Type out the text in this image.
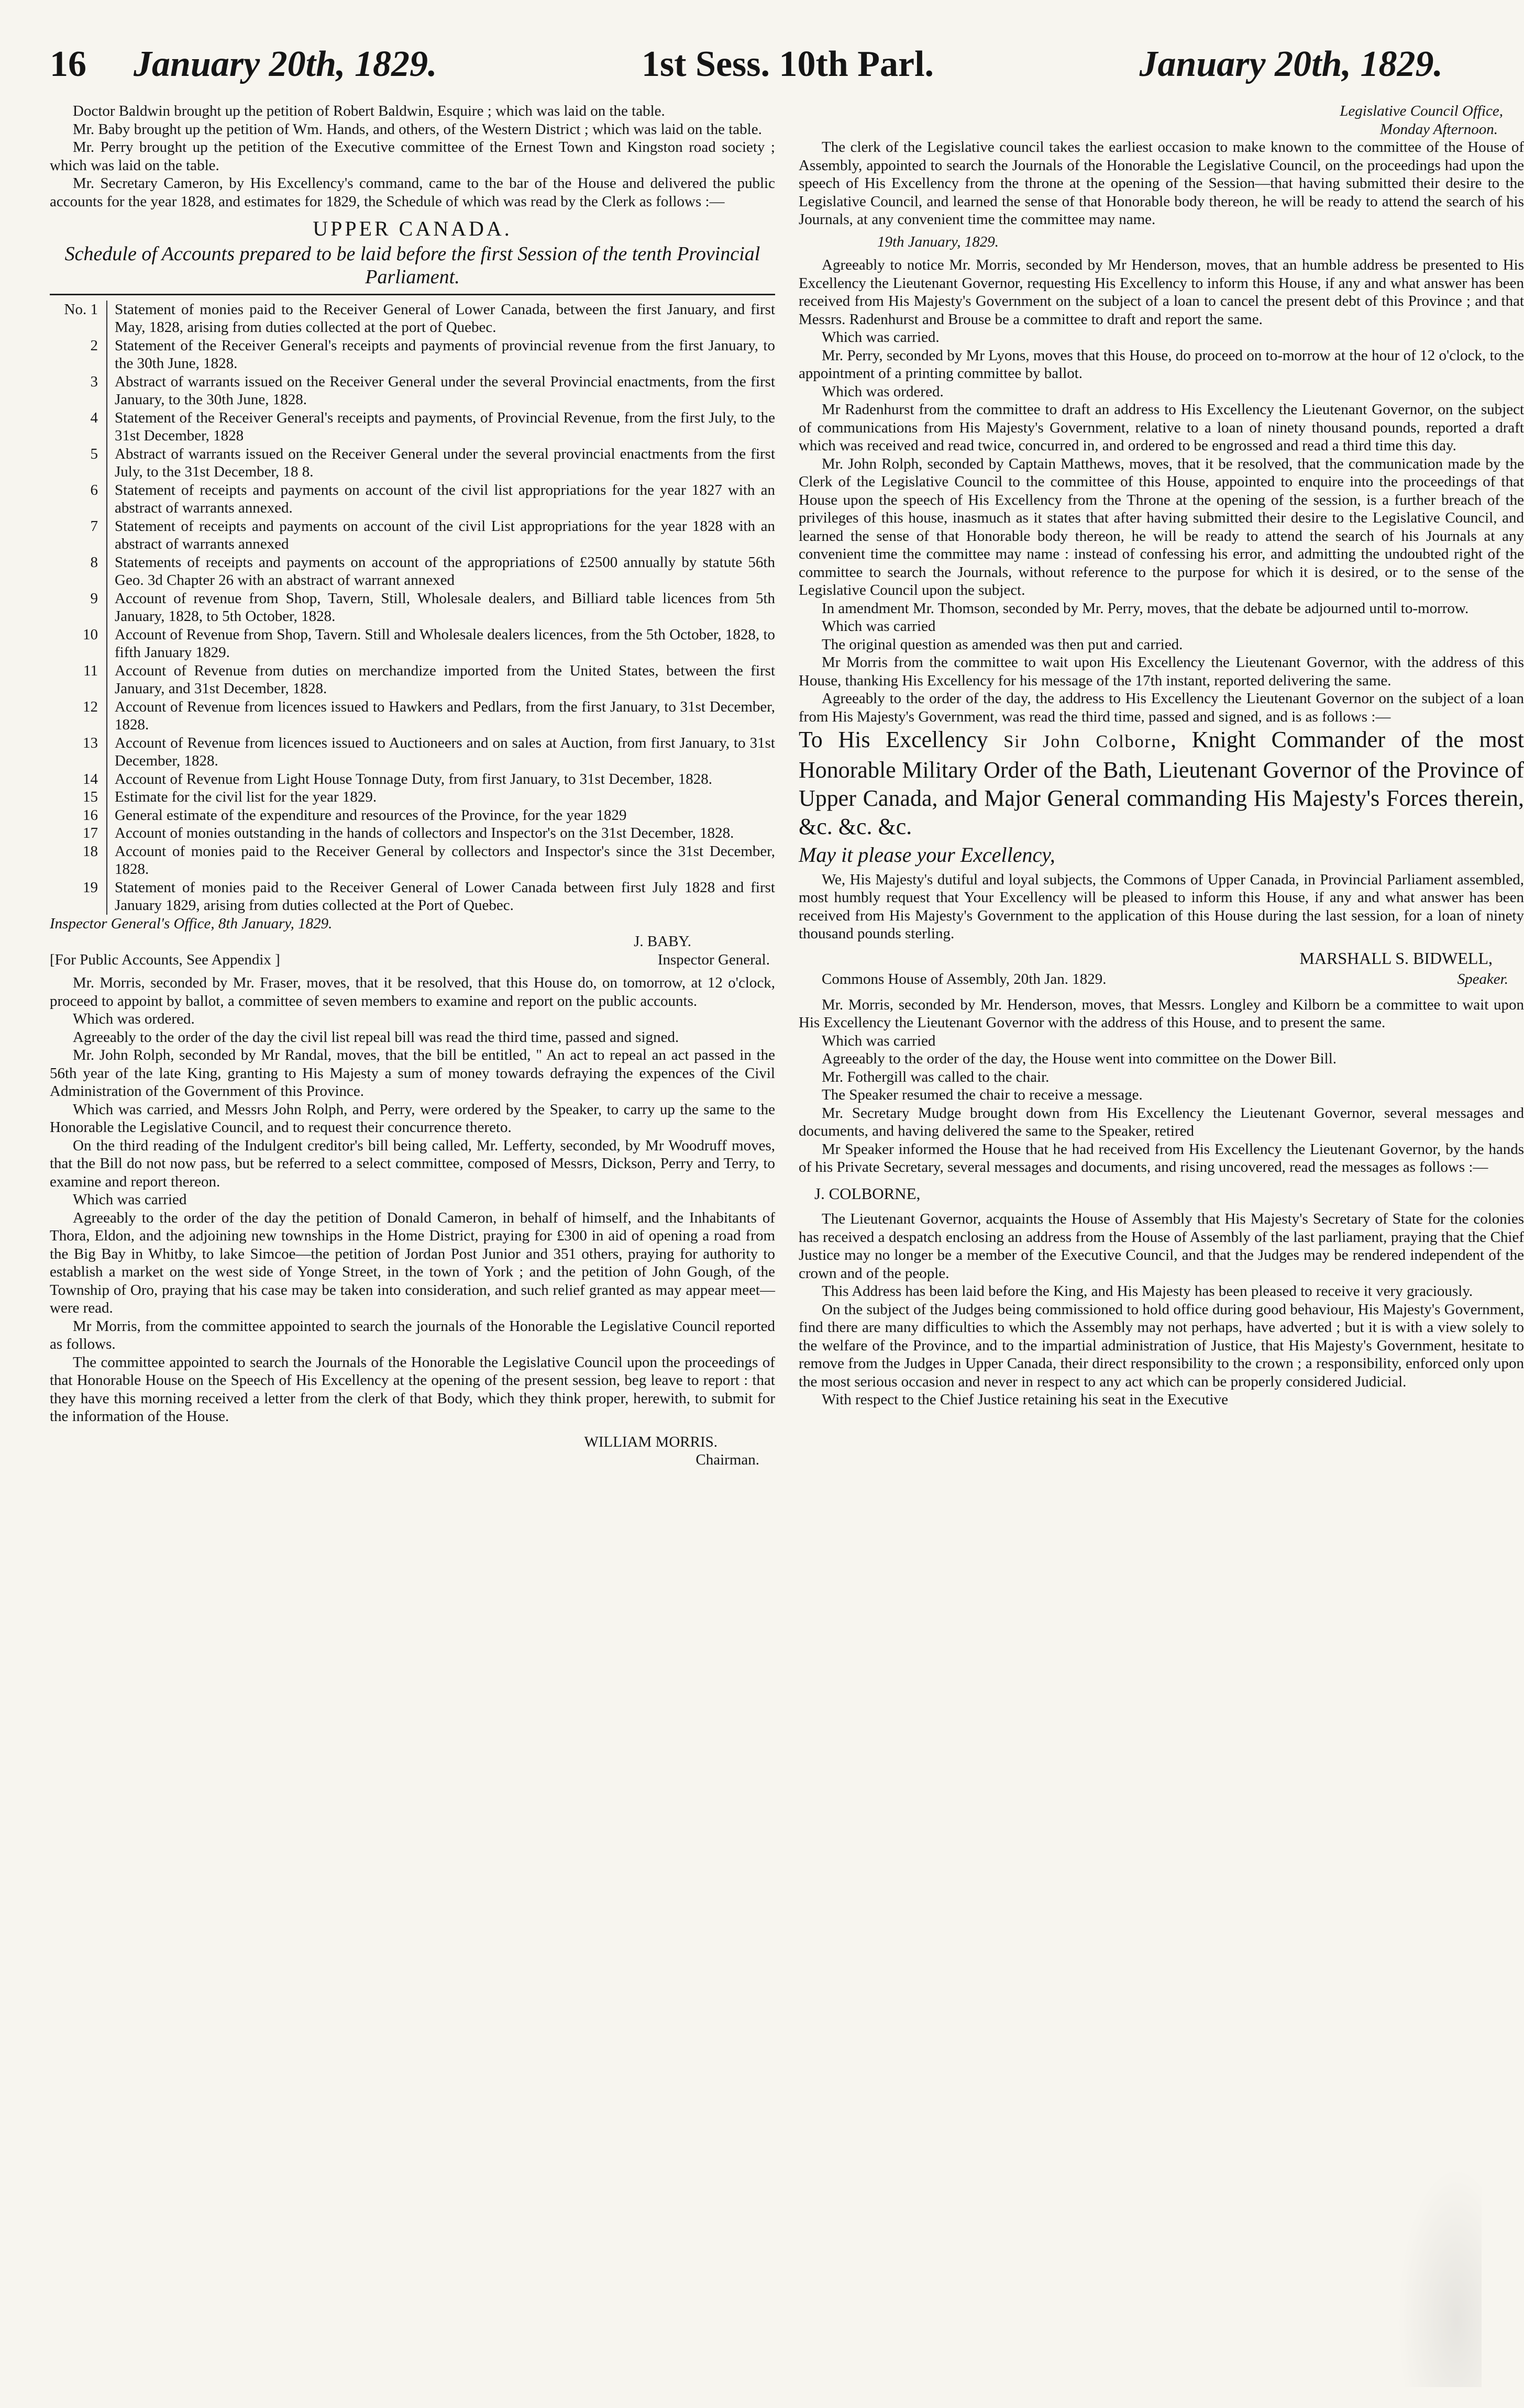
16 January 20th, 1829.	1st Sess. 10th Parl.	January 20th, 1829.

Doctor Baldwin brought up the petition of Robert Baldwin, Esquire ; which was laid on the table.

Mr. Baby brought up the petition of Wm. Hands, and others, of the Western District ; which was laid on the table.

Mr. Perry brought up the petition of the Executive committee of the Ernest Town and Kingston road society ; which was laid on the table.

Mr. Secretary Cameron, by His Excellency's command, came to the bar of the House and delivered the public accounts for the year 1828, and estimates for 1829, the Schedule of which was read by the Clerk as follows :—

UPPER CANADA.
Schedule of Accounts prepared to be laid before the first Session of the tenth Provincial Parliament.
No. 1	Statement of monies paid to the Receiver General of Lower Canada, between the first January, and first May, 1828, arising from duties collected at the port of Quebec.
2	Statement of the Receiver General's receipts and payments of provincial revenue from the first January, to the 30th June, 1828.
3	Abstract of warrants issued on the Receiver General under the several Provincial enactments, from the first January, to the 30th June, 1828.
4	Statement of the Receiver General's receipts and payments, of Provincial Revenue, from the first July, to the 31st December, 1828
5	Abstract of warrants issued on the Receiver General under the several provincial enactments from the first July, to the 31st December, 18 8.
6	Statement of receipts and payments on account of the civil list appropriations for the year 1827 with an abstract of warrants annexed.
7	Statement of receipts and payments on account of the civil List appropriations for the year 1828 with an abstract of warrants annexed
8	Statements of receipts and payments on account of the appropriations of £2500 annually by statute 56th Geo. 3d Chapter 26 with an abstract of warrant annexed
9	Account of revenue from Shop, Tavern, Still, Wholesale dealers, and Billiard table licences from 5th January, 1828, to 5th October, 1828.
10	Account of Revenue from Shop, Tavern. Still and Wholesale dealers licences, from the 5th October, 1828, to fifth January 1829.
11	Account of Revenue from duties on merchandize imported from the United States, between the first January, and 31st December, 1828.
12	Account of Revenue from licences issued to Hawkers and Pedlars, from the first January, to 31st December, 1828.
13	Account of Revenue from licences issued to Auctioneers and on sales at Auction, from first January, to 31st December, 1828.
14	Account of Revenue from Light House Tonnage Duty, from first January, to 31st December, 1828.
15	Estimate for the civil list for the year 1829.
16	General estimate of the expenditure and resources of the Province, for the year 1829
17	Account of monies outstanding in the hands of collectors and Inspector's on the 31st December, 1828.
18	Account of monies paid to the Receiver General by collectors and Inspector's since the 31st December, 1828.
19	Statement of monies paid to the Receiver General of Lower Canada between first July 1828 and first January 1829, arising from duties collected at the Port of Quebec.

Inspector General's Office, 8th January, 1829.

J. BABY.
[For Public Accounts, See Appendix ]	Inspector General.

Mr. Morris, seconded by Mr. Fraser, moves, that it be resolved, that this House do, on tomorrow, at 12 o'clock, proceed to appoint by ballot, a committee of seven members to examine and report on the public accounts.

Which was ordered.

Agreeably to the order of the day the civil list repeal bill was read the third time, passed and signed.

Mr. John Rolph, seconded by Mr Randal, moves, that the bill be entitled, " An act to repeal an act passed in the 56th year of the late King, granting to His Majesty a sum of money towards defraying the expences of the Civil Administration of the Government of this Province.

Which was carried, and Messrs John Rolph, and Perry, were ordered by the Speaker, to carry up the same to the Honorable the Legislative Council, and to request their concurrence thereto.

On the third reading of the Indulgent creditor's bill being called, Mr. Lefferty, seconded, by Mr Woodruff moves, that the Bill do not now pass, but be referred to a select committee, composed of Messrs, Dickson, Perry and Terry, to examine and report thereon.

Which was carried

Agreeably to the order of the day the petition of Donald Cameron, in behalf of himself, and the Inhabitants of Thora, Eldon, and the adjoining new townships in the Home District, praying for £300 in aid of opening a road from the Big Bay in Whitby, to lake Simcoe—the petition of Jordan Post Junior and 351 others, praying for authority to establish a market on the west side of Yonge Street, in the town of York ; and the petition of John Gough, of the Township of Oro, praying that his case may be taken into consideration, and such relief granted as may appear meet—were read.

Mr Morris, from the committee appointed to search the journals of the Honorable the Legislative Council reported as follows.

The committee appointed to search the Journals of the Honorable the Legislative Council upon the proceedings of that Honorable House on the Speech of His Excellency at the opening of the present session, beg leave to report : that they have this morning received a letter from the clerk of that Body, which they think proper, herewith, to submit for the information of the House.

WILLIAM MORRIS.
Chairman.
Legislative Council Office,
Monday Afternoon.

The clerk of the Legislative council takes the earliest occasion to make known to the committee of the House of Assembly, appointed to search the Journals of the Honorable the Legislative Council, on the proceedings had upon the speech of His Excellency from the throne at the opening of the Session—that having submitted their desire to the Legislative Council, and learned the sense of that Honorable body thereon, he will be ready to attend the search of his Journals, at any convenient time the committee may name.

19th January, 1829.

Agreeably to notice Mr. Morris, seconded by Mr Henderson, moves, that an humble address be presented to His Excellency the Lieutenant Governor, requesting His Excellency to inform this House, if any and what answer has been received from His Majesty's Government on the subject of a loan to cancel the present debt of this Province ; and that Messrs. Radenhurst and Brouse be a committee to draft and report the same.

Which was carried.

Mr. Perry, seconded by Mr Lyons, moves that this House, do proceed on to-morrow at the hour of 12 o'clock, to the appointment of a printing committee by ballot.

Which was ordered.

Mr Radenhurst from the committee to draft an address to His Excellency the Lieutenant Governor, on the subject of communications from His Majesty's Government, relative to a loan of ninety thousand pounds, reported a draft which was received and read twice, concurred in, and ordered to be engrossed and read a third time this day.

Mr. John Rolph, seconded by Captain Matthews, moves, that it be resolved, that the communication made by the Clerk of the Legislative Council to the committee of this House, appointed to enquire into the proceedings of that House upon the speech of His Excellency from the Throne at the opening of the session, is a further breach of the privileges of this house, inasmuch as it states that after having submitted their desire to the Legislative Council, and learned the sense of that Honorable body thereon, he will be ready to attend the search of his Journals at any convenient time the committee may name : instead of confessing his error, and admitting the undoubted right of the committee to search the Journals, without reference to the purpose for which it is desired, or to the sense of the Legislative Council upon the subject.

In amendment Mr. Thomson, seconded by Mr. Perry, moves, that the debate be adjourned until to-morrow.

Which was carried

The original question as amended was then put and carried.

Mr Morris from the committee to wait upon His Excellency the Lieutenant Governor, with the address of this House, thanking His Excellency for his message of the 17th instant, reported delivering the same.

Agreeably to the order of the day, the address to His Excellency the Lieutenant Governor on the subject of a loan from His Majesty's Government, was read the third time, passed and signed, and is as follows :—

To His Excellency Sir John Colborne, Knight Commander of the most Honorable Military Order of the Bath, Lieutenant Governor of the Province of Upper Canada, and Major General commanding His Majesty's Forces therein, &c. &c. &c.

May it please your Excellency,

We, His Majesty's dutiful and loyal subjects, the Commons of Upper Canada, in Provincial Parliament assembled, most humbly request that Your Excellency will be pleased to inform this House, if any and what answer has been received from His Majesty's Government to the application of this House during the last session, for a loan of ninety thousand pounds sterling.

MARSHALL S. BIDWELL,
Commons House of Assembly, 20th Jan. 1829.	Speaker.

Mr. Morris, seconded by Mr. Henderson, moves, that Messrs. Longley and Kilborn be a committee to wait upon His Excellency the Lieutenant Governor with the address of this House, and to present the same.

Which was carried

Agreeably to the order of the day, the House went into committee on the Dower Bill.

Mr. Fothergill was called to the chair.

The Speaker resumed the chair to receive a message.

Mr. Secretary Mudge brought down from His Excellency the Lieutenant Governor, several messages and documents, and having delivered the same to the Speaker, retired

Mr Speaker informed the House that he had received from His Excellency the Lieutenant Governor, by the hands of his Private Secretary, several messages and documents, and rising uncovered, read the messages as follows :—

J. COLBORNE,

The Lieutenant Governor, acquaints the House of Assembly that His Majesty's Secretary of State for the colonies has received a despatch enclosing an address from the House of Assembly of the last parliament, praying that the Chief Justice may no longer be a member of the Executive Council, and that the Judges may be rendered independent of the crown and of the people.

This Address has been laid before the King, and His Majesty has been pleased to receive it very graciously.

On the subject of the Judges being commissioned to hold office during good behaviour, His Majesty's Government, find there are many difficulties to which the Assembly may not perhaps, have adverted ; but it is with a view solely to the welfare of the Province, and to the impartial administration of Justice, that His Majesty's Government, hesitate to remove from the Judges in Upper Canada, their direct responsibility to the crown ; a responsibility, enforced only upon the most serious occasion and never in respect to any act which can be properly considered Judicial.

With respect to the Chief Justice retaining his seat in the Executive
